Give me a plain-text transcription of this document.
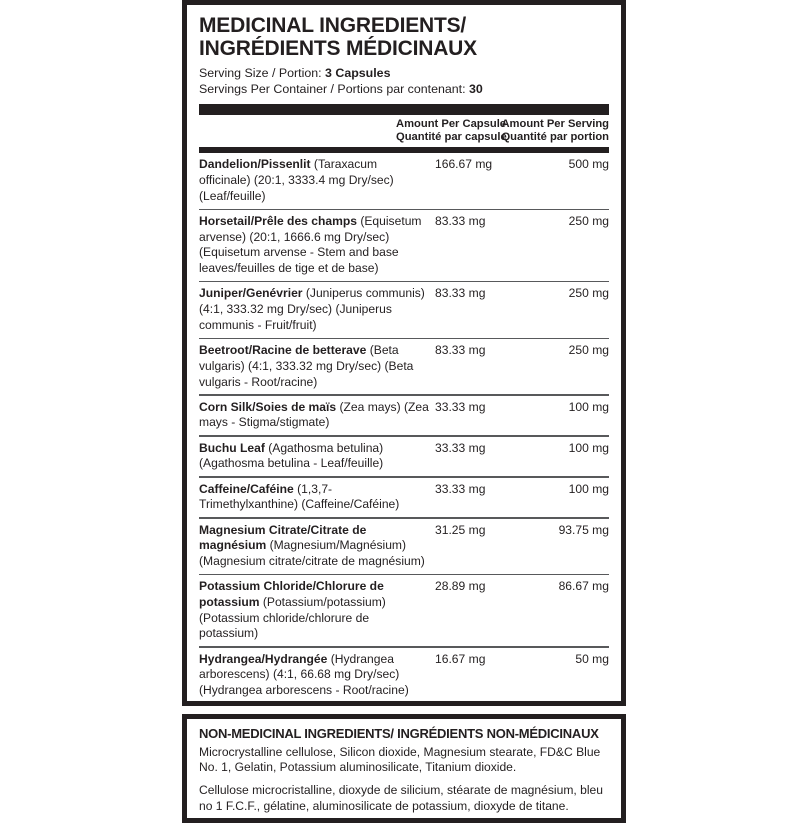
MEDICINAL INGREDIENTS/
INGRÉDIENTS MÉDICINAUX
Serving Size / Portion: 3 Capsules
Servings Per Container / Portions par contenant: 30
Amount Per Capsule
Quantité par capsule
Amount Per Serving
Quantité par portion
Dandelion/Pissenlit (Taraxacum officinale) (20:1, 3333.4 mg Dry/sec) (Leaf/feuille)
166.67 mg	500 mg
Horsetail/Prêle des champs (Equisetum arvense) (20:1, 1666.6 mg Dry/sec) (Equisetum arvense - Stem and base leaves/feuilles de tige et de base)
83.33 mg	250 mg
Juniper/Genévrier (Juniperus communis) (4:1, 333.32 mg Dry/sec) (Juniperus communis - Fruit/fruit)
83.33 mg	250 mg
Beetroot/Racine de betterave (Beta vulgaris) (4:1, 333.32 mg Dry/sec) (Beta vulgaris - Root/racine)
83.33 mg	250 mg
Corn Silk/Soies de maïs (Zea mays) (Zea mays - Stigma/stigmate)
33.33 mg	100 mg
Buchu Leaf (Agathosma betulina) (Agathosma betulina - Leaf/feuille)
33.33 mg	100 mg
Caffeine/Caféine (1,3,7-Trimethylxanthine) (Caffeine/Caféine)
33.33 mg	100 mg
Magnesium Citrate/Citrate de magnésium (Magnesium/Magnésium) (Magnesium citrate/citrate de magnésium)
31.25 mg	93.75 mg
Potassium Chloride/Chlorure de potassium (Potassium/potassium) (Potassium chloride/chlorure de potassium)
28.89 mg	86.67 mg
Hydrangea/Hydrangée (Hydrangea arborescens) (4:1, 66.68 mg Dry/sec) (Hydrangea arborescens - Root/racine)
16.67 mg	50 mg
NON-MEDICINAL INGREDIENTS/ INGRÉDIENTS NON-MÉDICINAUX
Microcrystalline cellulose, Silicon dioxide, Magnesium stearate, FD&C Blue No. 1, Gelatin, Potassium aluminosilicate, Titanium dioxide.
Cellulose microcristalline, dioxyde de silicium, stéarate de magnésium, bleu no 1 F.C.F., gélatine, aluminosilicate de potassium, dioxyde de titane.
